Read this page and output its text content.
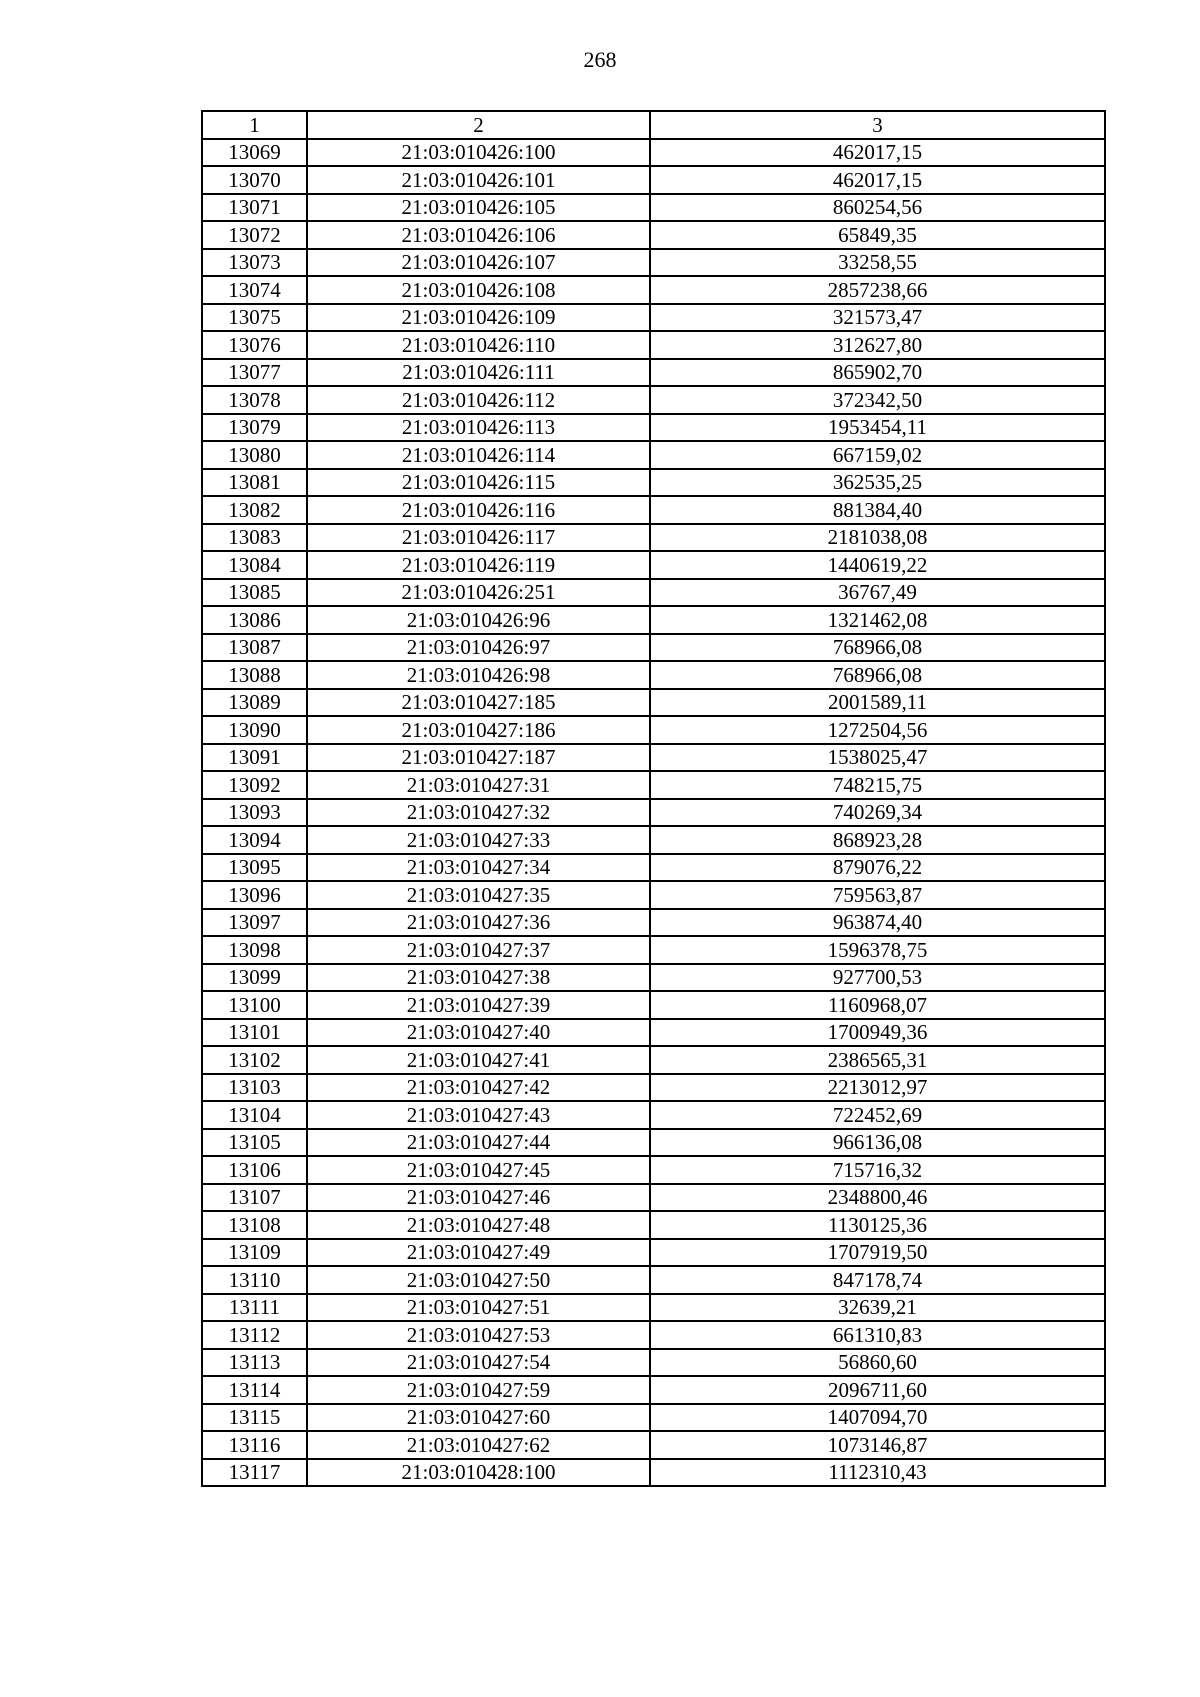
268
1	2	3
13069	21:03:010426:100	462017,15
13070	21:03:010426:101	462017,15
13071	21:03:010426:105	860254,56
13072	21:03:010426:106	65849,35
13073	21:03:010426:107	33258,55
13074	21:03:010426:108	2857238,66
13075	21:03:010426:109	321573,47
13076	21:03:010426:110	312627,80
13077	21:03:010426:111	865902,70
13078	21:03:010426:112	372342,50
13079	21:03:010426:113	1953454,11
13080	21:03:010426:114	667159,02
13081	21:03:010426:115	362535,25
13082	21:03:010426:116	881384,40
13083	21:03:010426:117	2181038,08
13084	21:03:010426:119	1440619,22
13085	21:03:010426:251	36767,49
13086	21:03:010426:96	1321462,08
13087	21:03:010426:97	768966,08
13088	21:03:010426:98	768966,08
13089	21:03:010427:185	2001589,11
13090	21:03:010427:186	1272504,56
13091	21:03:010427:187	1538025,47
13092	21:03:010427:31	748215,75
13093	21:03:010427:32	740269,34
13094	21:03:010427:33	868923,28
13095	21:03:010427:34	879076,22
13096	21:03:010427:35	759563,87
13097	21:03:010427:36	963874,40
13098	21:03:010427:37	1596378,75
13099	21:03:010427:38	927700,53
13100	21:03:010427:39	1160968,07
13101	21:03:010427:40	1700949,36
13102	21:03:010427:41	2386565,31
13103	21:03:010427:42	2213012,97
13104	21:03:010427:43	722452,69
13105	21:03:010427:44	966136,08
13106	21:03:010427:45	715716,32
13107	21:03:010427:46	2348800,46
13108	21:03:010427:48	1130125,36
13109	21:03:010427:49	1707919,50
13110	21:03:010427:50	847178,74
13111	21:03:010427:51	32639,21
13112	21:03:010427:53	661310,83
13113	21:03:010427:54	56860,60
13114	21:03:010427:59	2096711,60
13115	21:03:010427:60	1407094,70
13116	21:03:010427:62	1073146,87
13117	21:03:010428:100	1112310,43
